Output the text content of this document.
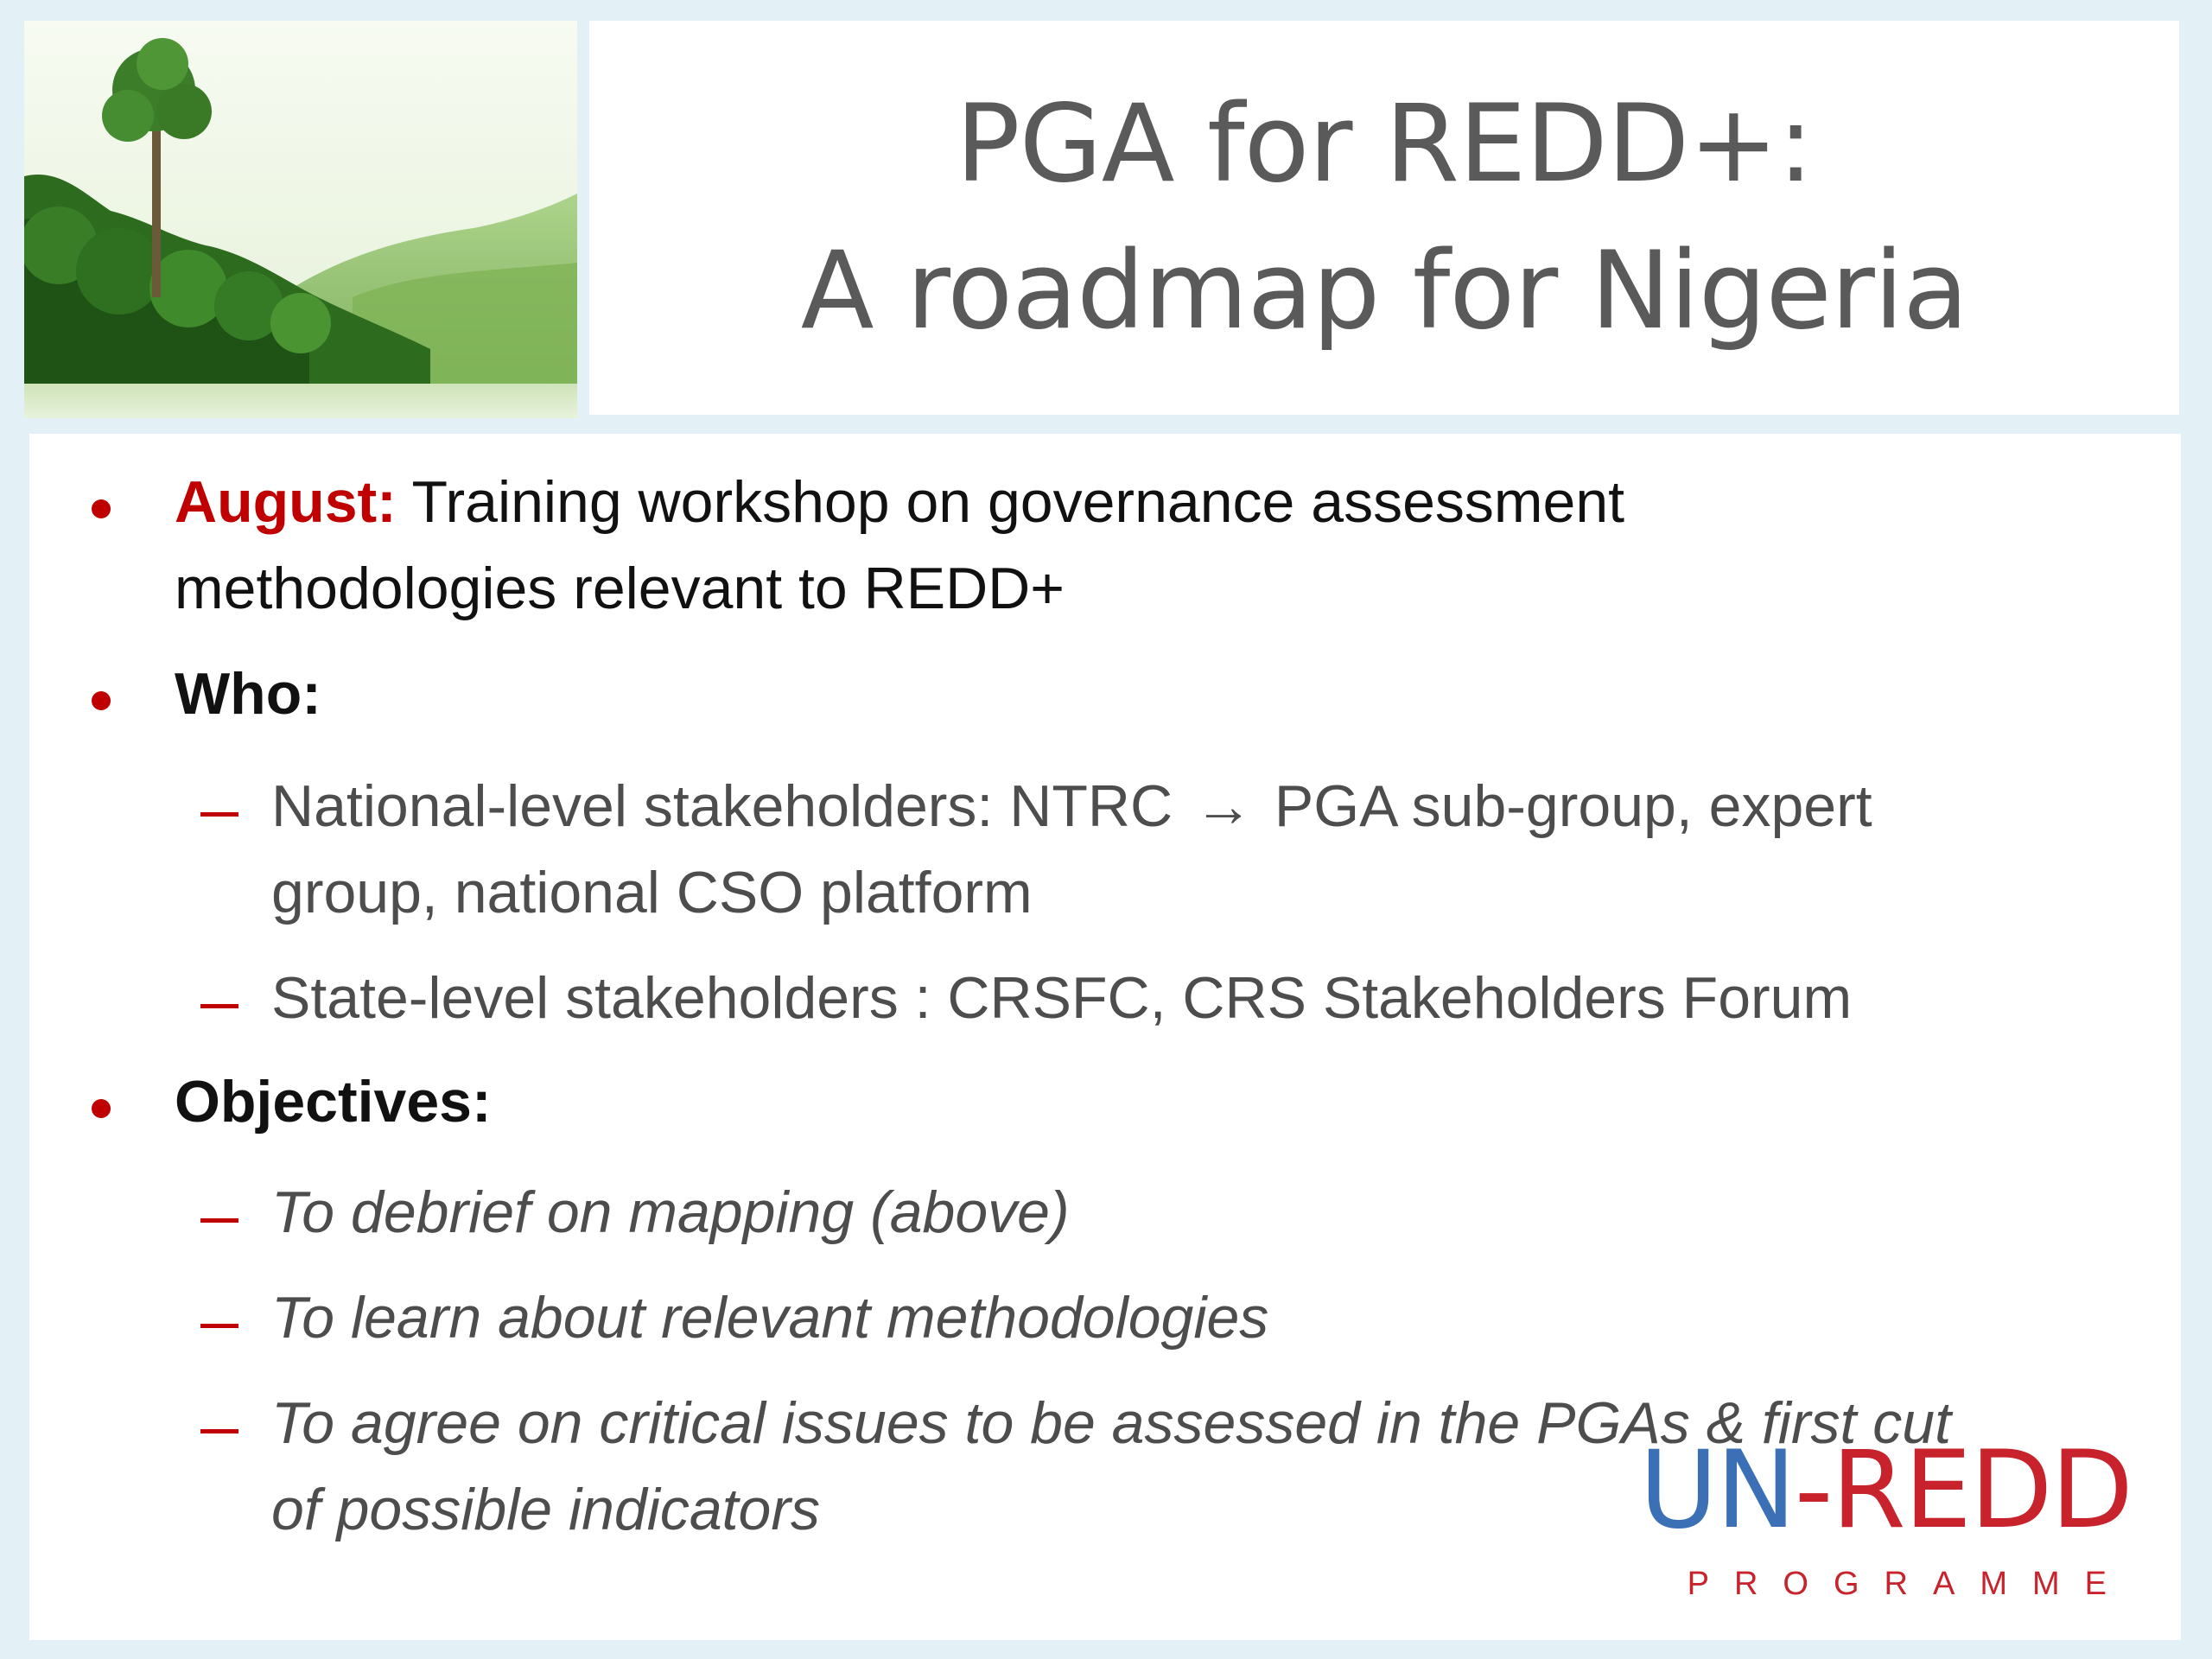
PGA for REDD+:
A roadmap for Nigeria
August: Training workshop on governance assessment
methodologies relevant to REDD+
Who:
National-level stakeholders: NTRC → PGA sub-group, expert
group, national CSO platform
State-level stakeholders : CRSFC, CRS Stakeholders Forum
Objectives:
To debrief on mapping (above)
To learn about relevant methodologies
To agree on critical issues to be assessed in the PGAs & first cut
of possible indicators	UN-REDD
PROGRAMME
